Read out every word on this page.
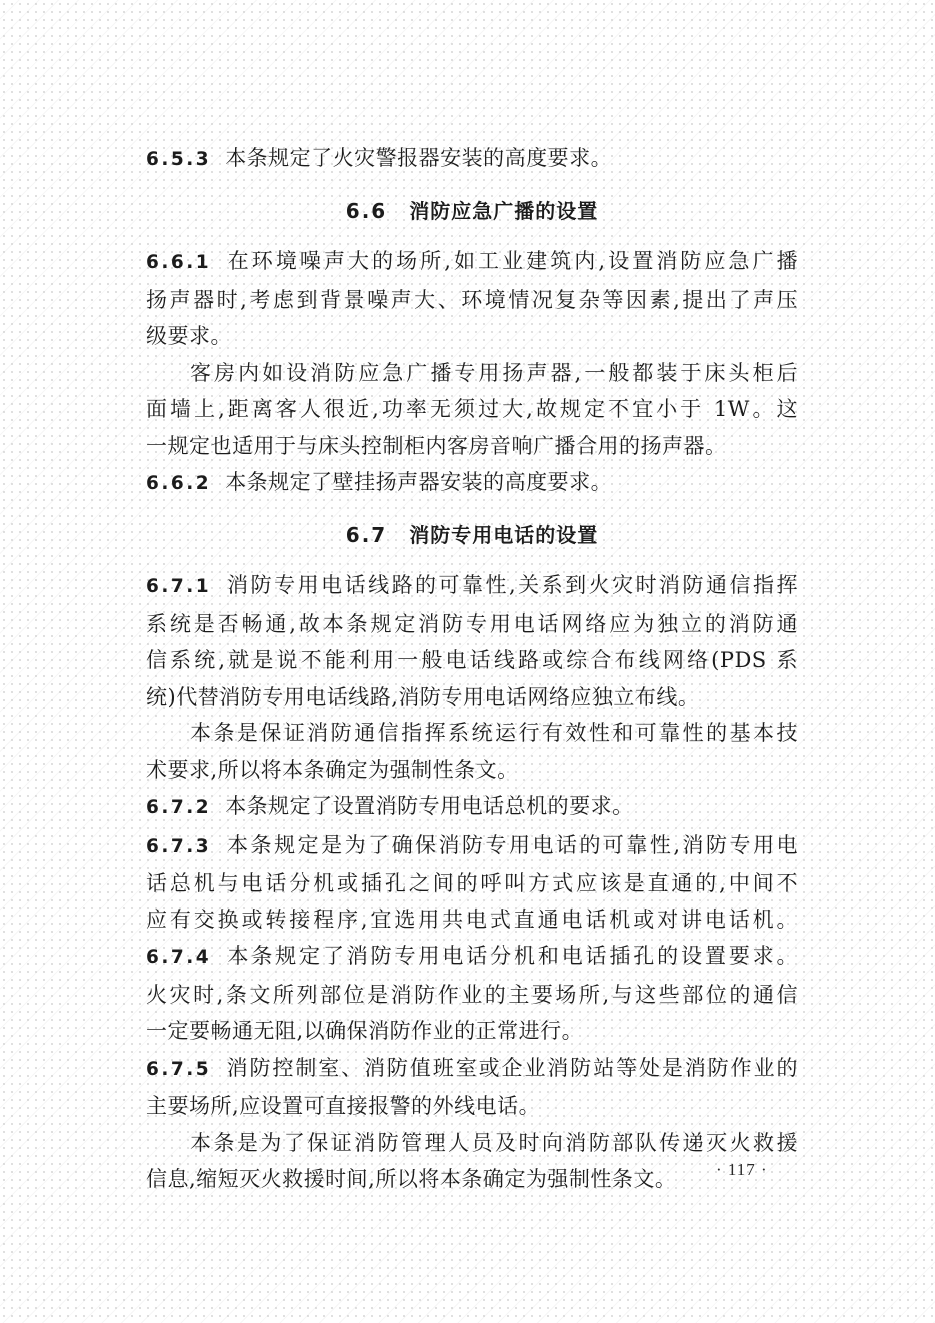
6.5.3 本条规定了火灾警报器安装的高度要求。
6.6 消防应急广播的设置
6.6.1 在环境噪声大的场所,如工业建筑内,设置消防应急广播
扬声器时,考虑到背景噪声大、环境情况复杂等因素,提出了声压
级要求。
客房内如设消防应急广播专用扬声器,一般都装于床头柜后
面墙上,距离客人很近,功率无须过大,故规定不宜小于 1W。这
一规定也适用于与床头控制柜内客房音响广播合用的扬声器。
6.6.2 本条规定了壁挂扬声器安装的高度要求。
6.7 消防专用电话的设置
6.7.1 消防专用电话线路的可靠性,关系到火灾时消防通信指挥
系统是否畅通,故本条规定消防专用电话网络应为独立的消防通
信系统,就是说不能利用一般电话线路或综合布线网络(PDS 系
统)代替消防专用电话线路,消防专用电话网络应独立布线。
本条是保证消防通信指挥系统运行有效性和可靠性的基本技
术要求,所以将本条确定为强制性条文。
6.7.2 本条规定了设置消防专用电话总机的要求。
6.7.3 本条规定是为了确保消防专用电话的可靠性,消防专用电
话总机与电话分机或插孔之间的呼叫方式应该是直通的,中间不
应有交换或转接程序,宜选用共电式直通电话机或对讲电话机。
6.7.4 本条规定了消防专用电话分机和电话插孔的设置要求。
火灾时,条文所列部位是消防作业的主要场所,与这些部位的通信
一定要畅通无阻,以确保消防作业的正常进行。
6.7.5 消防控制室、消防值班室或企业消防站等处是消防作业的
主要场所,应设置可直接报警的外线电话。
本条是为了保证消防管理人员及时向消防部队传递灭火救援
信息,缩短灭火救援时间,所以将本条确定为强制性条文。	· 117 ·
